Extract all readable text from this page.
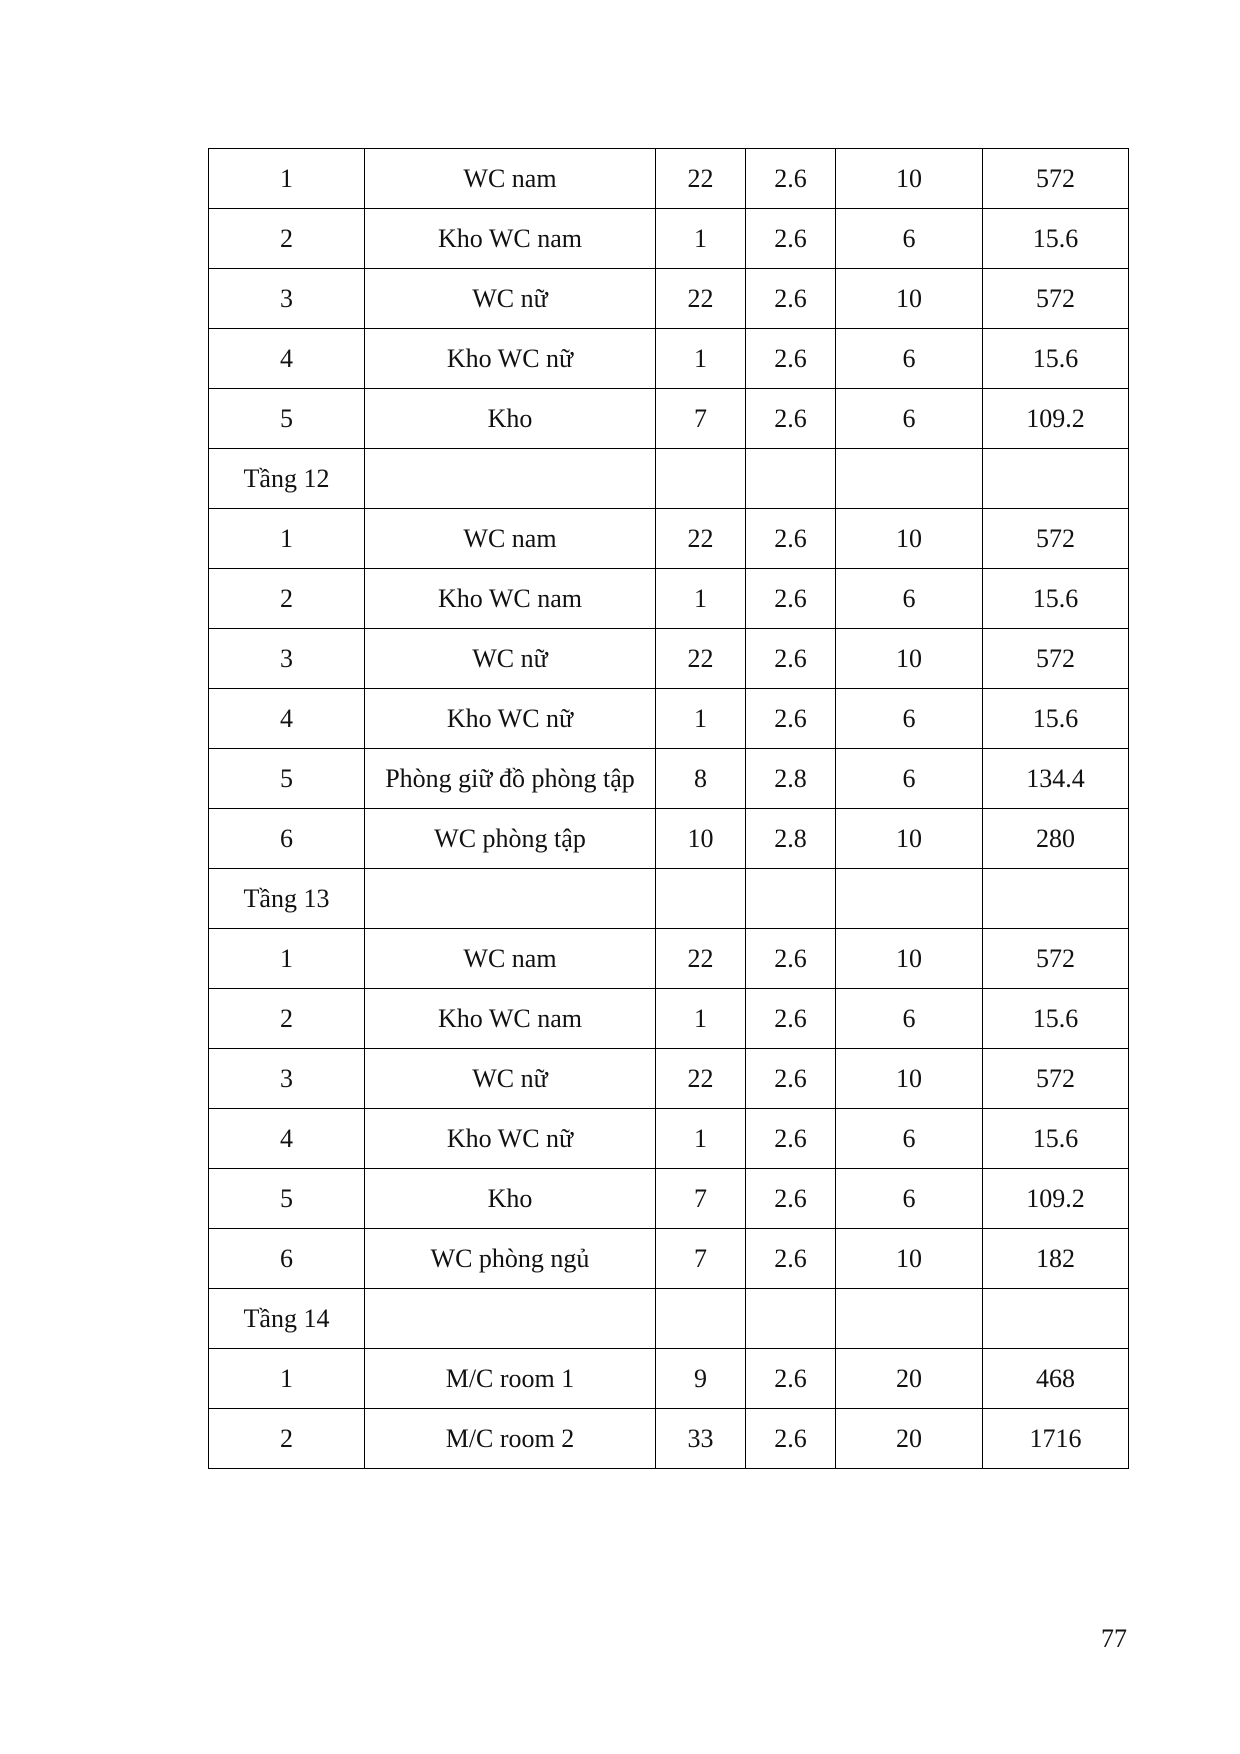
1	WC nam	22	2.6	10	572
2	Kho WC nam	1	2.6	6	15.6
3	WC nữ	22	2.6	10	572
4	Kho WC nữ	1	2.6	6	15.6
5	Kho	7	2.6	6	109.2
Tầng 12					
1	WC nam	22	2.6	10	572
2	Kho WC nam	1	2.6	6	15.6
3	WC nữ	22	2.6	10	572
4	Kho WC nữ	1	2.6	6	15.6
5	Phòng giữ đồ phòng tập	8	2.8	6	134.4
6	WC phòng tập	10	2.8	10	280
Tầng 13					
1	WC nam	22	2.6	10	572
2	Kho WC nam	1	2.6	6	15.6
3	WC nữ	22	2.6	10	572
4	Kho WC nữ	1	2.6	6	15.6
5	Kho	7	2.6	6	109.2
6	WC phòng ngủ	7	2.6	10	182
Tầng 14					
1	M/C room 1	9	2.6	20	468
2	M/C room 2	33	2.6	20	1716
77
